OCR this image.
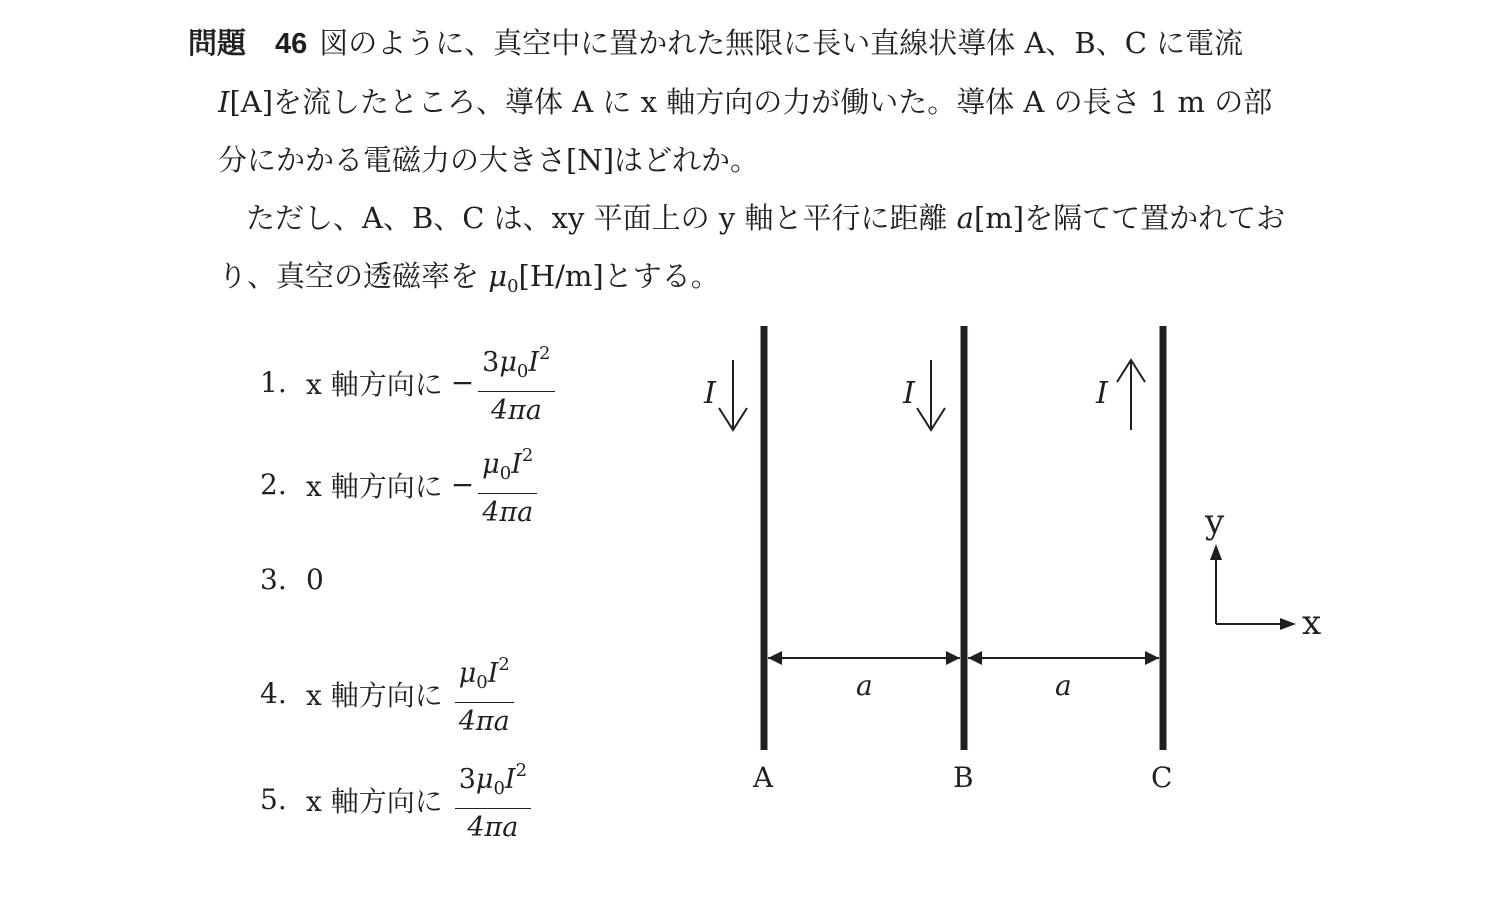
問題　46 図のように、真空中に置かれた無限に長い直線状導体 A、B、C に電流

I[A]を流したところ、導体 A に x 軸方向の力が働いた。導体 A の長さ 1 m の部

分にかかる電磁力の大きさ[N]はどれか。

ただし、A、B、C は、xy 平面上の y 軸と平行に距離 a[m]を隔てて置かれてお

り、真空の透磁率を $\mu_0[H/m]$とする。

1. x 軸方向に − $\frac{3\mu_0I^2}{4\pi a}$
2. x 軸方向に − $\frac{\mu_0I^2}{4\pi a}$
3. 0
4. x 軸方向に $\frac{\mu_0I^2}{4\pi a}$
5. x 軸方向に $\frac{3\mu_0I^2}{4\pi a}$
I	I	I
a	a
A	B	C
y
x
